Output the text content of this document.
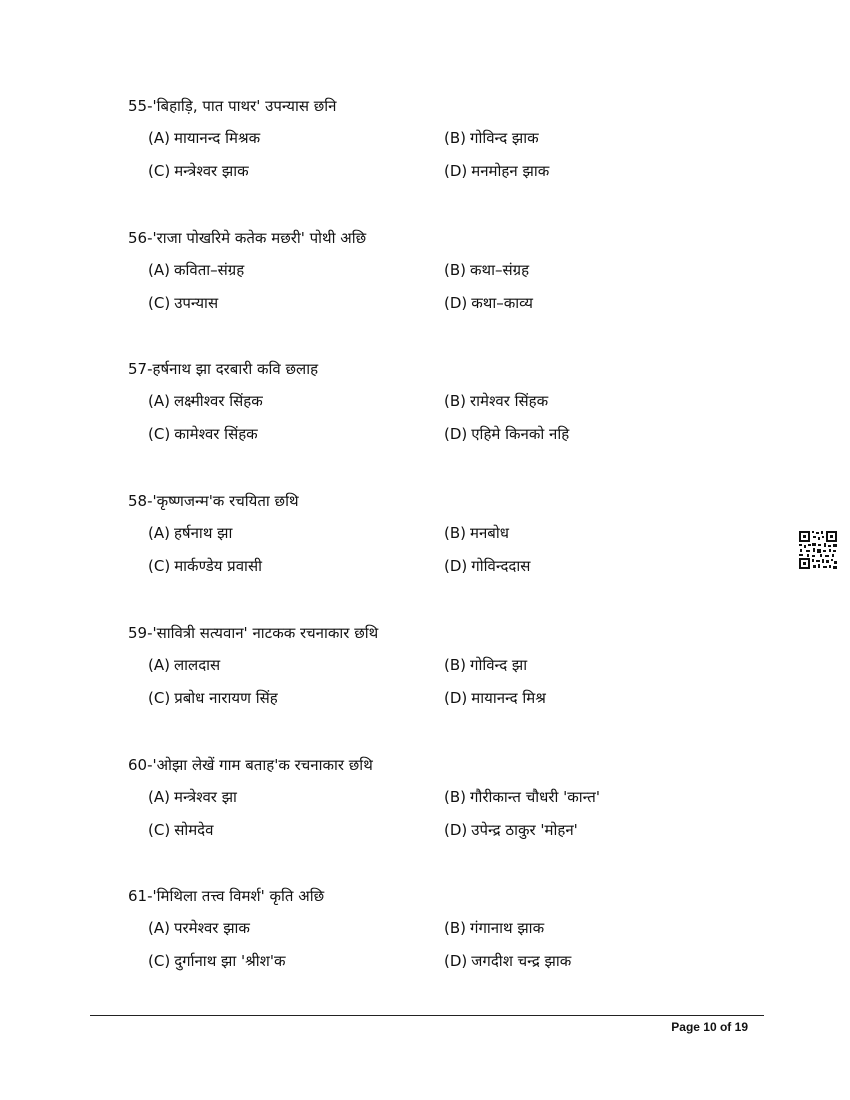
55-'बिहाड़ि, पात पाथर' उपन्यास छनि
(A) मायानन्द मिश्रक	(B) गोविन्द झाक
(C) मन्त्रेश्वर झाक	(D) मनमोहन झाक
56-'राजा पोखरिमे कतेक मछरी' पोथी अछि
(A) कविता–संग्रह	(B) कथा–संग्रह
(C) उपन्यास	(D) कथा–काव्य
57-हर्षनाथ झा दरबारी कवि छलाह
(A) लक्ष्मीश्वर सिंहक	(B) रामेश्वर सिंहक
(C) कामेश्वर सिंहक	(D) एहिमे किनको नहि
58-'कृष्णजन्म'क रचयिता छथि
(A) हर्षनाथ झा	(B) मनबोध
(C) मार्कण्डेय प्रवासी	(D) गोविन्ददास
59-'सावित्री सत्यवान' नाटकक रचनाकार छथि
(A) लालदास	(B) गोविन्द झा
(C) प्रबोध नारायण सिंह	(D) मायानन्द मिश्र
60-'ओझा लेखें गाम बताह'क रचनाकार छथि
(A) मन्त्रेश्वर झा	(B) गौरीकान्त चौधरी 'कान्त'
(C) सोमदेव	(D) उपेन्द्र ठाकुर 'मोहन'
61-'मिथिला तत्त्व विमर्श' कृति अछि
(A) परमेश्वर झाक	(B) गंगानाथ झाक
(C) दुर्गानाथ झा 'श्रीश'क	(D) जगदीश चन्द्र झाक
Page 10 of 19
